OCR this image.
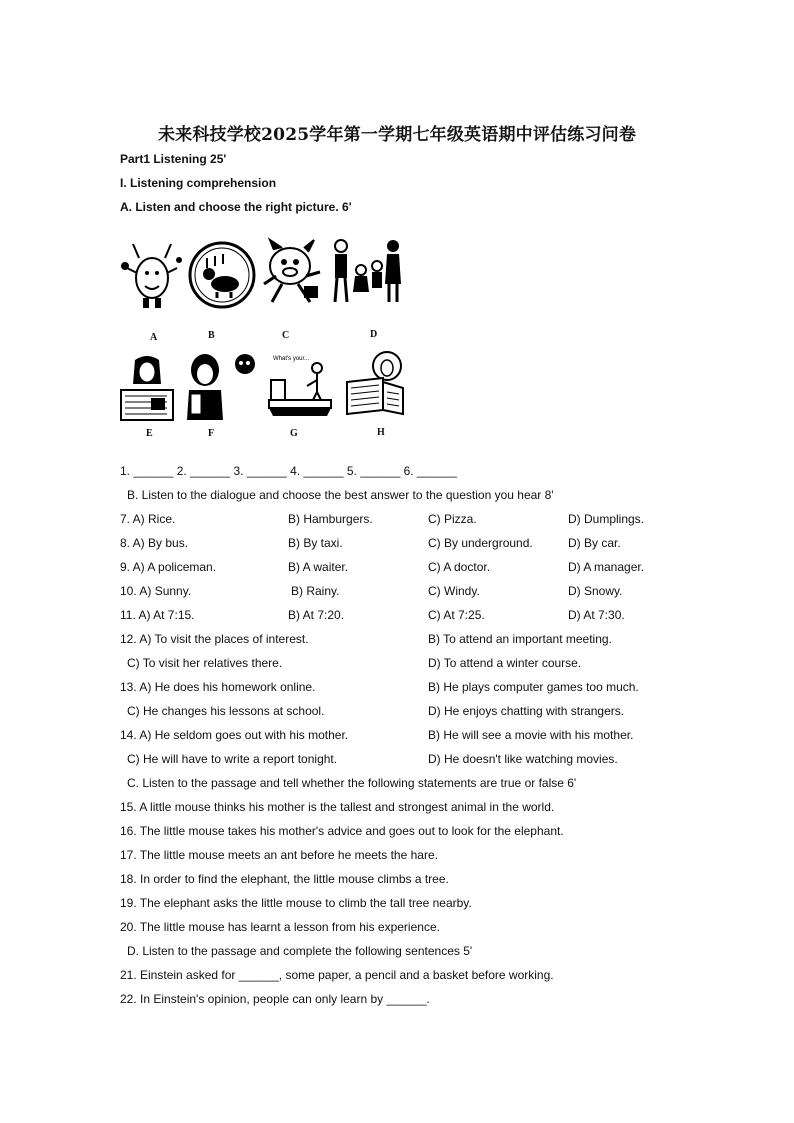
未来科技学校2025学年第一学期七年级英语期中评估练习问卷
Part1 Listening 25'
I. Listening comprehension
A. Listen and choose the right picture. 6'
A	B	C	D
What's your...
E	F	G	H
1. ______ 2. ______ 3. ______ 4. ______ 5. ______ 6. ______
B. Listen to the dialogue and choose the best answer to the question you hear 8'
7. A) Rice.	B) Hamburgers.	C) Pizza.	D) Dumplings.
8. A) By bus.	B) By taxi.	C) By underground.	D) By car.
9. A) A policeman.	B) A waiter.	C) A doctor.	D) A manager.
10. A) Sunny.	B) Rainy.	C) Windy.	D) Snowy.
11. A) At 7:15.	B) At 7:20.	C) At 7:25.	D) At 7:30.
12. A) To visit the places of interest.	B) To attend an important meeting.
C) To visit her relatives there.	D) To attend a winter course.
13. A) He does his homework online.	B) He plays computer games too much.
C) He changes his lessons at school.	D) He enjoys chatting with strangers.
14. A) He seldom goes out with his mother.	B) He will see a movie with his mother.
C) He will have to write a report tonight.	D) He doesn't like watching movies.
C. Listen to the passage and tell whether the following statements are true or false 6'
15. A little mouse thinks his mother is the tallest and strongest animal in the world.
16. The little mouse takes his mother's advice and goes out to look for the elephant.
17. The little mouse meets an ant before he meets the hare.
18. In order to find the elephant, the little mouse climbs a tree.
19. The elephant asks the little mouse to climb the tall tree nearby.
20. The little mouse has learnt a lesson from his experience.
D. Listen to the passage and complete the following sentences 5'
21. Einstein asked for ______, some paper, a pencil and a basket before working.
22. In Einstein's opinion, people can only learn by ______.
